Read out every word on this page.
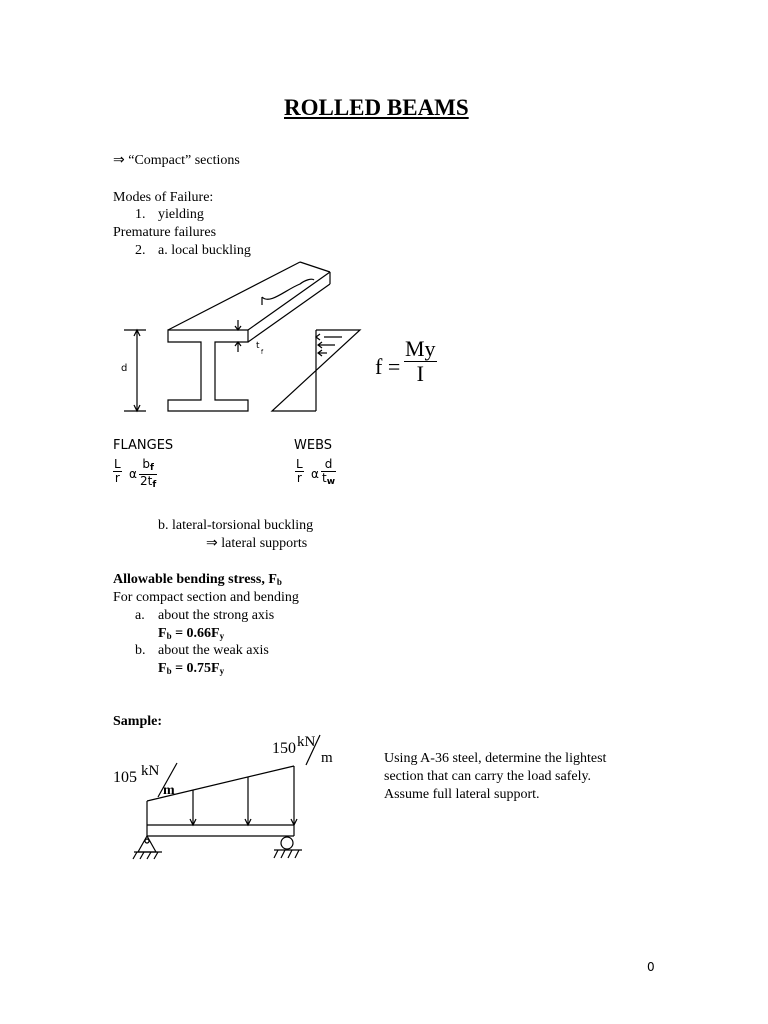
ROLLED BEAMS
⇒ “Compact” sections
Modes of Failure:
1. yielding
Premature failures
2. a. local buckling
t
f
d	$f = \frac{My}{I}$
FLANGES
$\frac{L}{r}$ α $\frac{b_f}{2t_f}$
WEBS
$\frac{L}{r}$ α $\frac{d}{t_w}$
b. lateral-torsional buckling
⇒ lateral supports
Allowable bending stress, $F_b$
For compact section and bending
a. about the strong axis
$F_b = 0.66F_y$
b. about the weak axis
$F_b = 0.75F_y$
Sample:
150 kN
m
105 kN
m
Using A-36 steel, determine the lightest
section that can carry the load safely.
Assume full lateral support.
0
